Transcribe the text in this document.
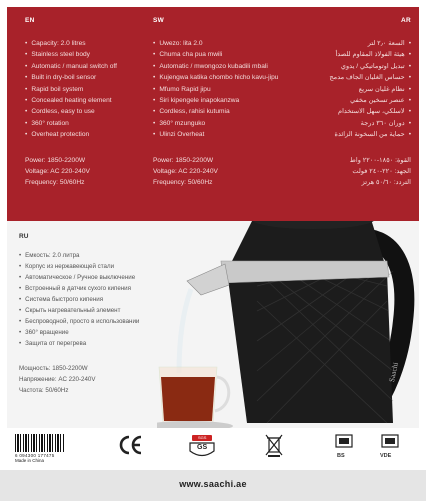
EN
• Capacity: 2.0 litres
• Stainless steel body
• Automatic / manual switch off
• Built in dry-boil sensor
• Rapid boil system
• Concealed heating element
• Cordless, easy to use
• 360° rotation
• Overheat protection
Power: 1850-2200W
Voltage: AC 220-240V
Frequency: 50/60Hz
SW
• Uwezo: lita 2.0
• Chuma cha pua mwili
• Automatic / mwongozo kubadili mbali
• Kujengwa katika chombo hicho kavu-jipu
• Mfumo Rapid jipu
• Siri kipengele inapokanzwa
• Cordless, rahisi kutumia
• 360° mzunguko
• Ulinzi Overheat
Power: 1850-2200W
Voltage: AC 220-240V
Frequency: 50/60Hz
AR
• السعة ٢٫٠ لتر
• هيئة الفولاذ المقاوم للصدأ
• تبديل اوتوماتيكي / يدوي
• حساس الغليان الجاف مدمج
• نظام غليان سريع
• عنصر تسخين مخفي
• لاسلكي، سهل الاستخدام
• دوران ٣٦٠ درجة
• حماية من السخونة الزائدة
القوة: ١٨٥٠-٢٢٠٠ واط
الجهد: ٢٢٠-٢٤٠ فولت
التردد: ٥٠/٦٠ هرتز
Saachi
RU
• Емкость: 2.0 литра
• Корпус из нержавеющей стали
• Автоматическое / Ручное выключение
• Встроенный в датчик сухого кипения
• Система быстрого кипения
• Скрыть нагревательный элемент
• Беспроводной, просто в использовании
• 360° вращение
• Защита от перегрева
Мощность: 1850-2200W
Напряжение: AC 220-240V
Частота: 50/60Hz
6 094300 177475
Made in China
SGS
GS
BS	VDE
www.saachi.ae
